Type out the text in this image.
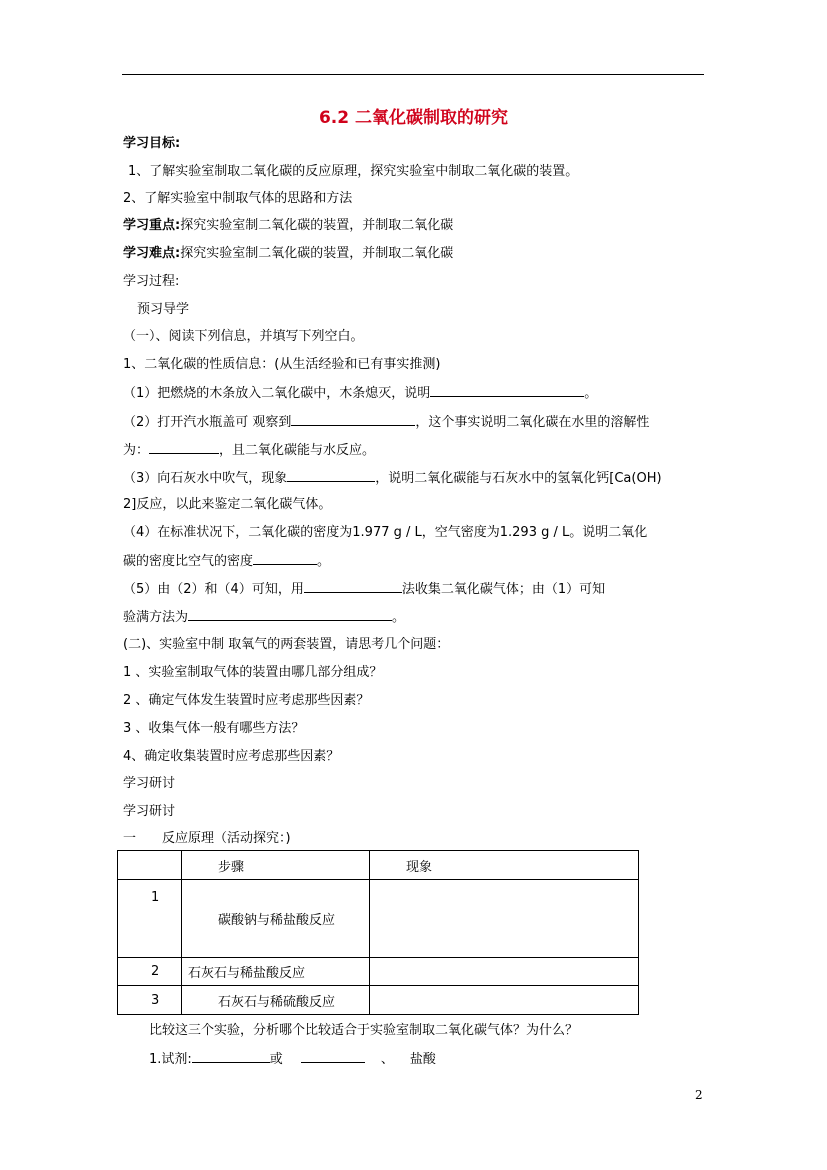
6.2 二氧化碳制取的研究
学习目标:
1、了解实验室制取二氧化碳的反应原理，探究实验室中制取二氧化碳的装置。
2、了解实验室中制取气体的思路和方法
学习重点:探究实验室制二氧化碳的装置，并制取二氧化碳
学习难点:探究实验室制二氧化碳的装置，并制取二氧化碳
学习过程:
预习导学
（一）、阅读下列信息，并填写下列空白。
1、二氧化碳的性质信息：(从生活经验和已有事实推测)
（1）把燃烧的木条放入二氧化碳中，木条熄灭，说明	。
（2）打开汽水瓶盖可 观察到	，这个事实说明二氧化碳在水里的溶解性
为：	，且二氧化碳能与水反应。
（3）向石灰水中吹气，现象	，说明二氧化碳能与石灰水中的氢氧化钙[Ca(OH)
2]反应，以此来鉴定二氧化碳气体。
（4）在标准状况下，二氧化碳的密度为1.977 g / L，空气密度为1.293 g / L。说明二氧化
碳的密度比空气的密度	。
（5）由（2）和（4）可知，用	法收集二氧化碳气体；由（1）可知
验满方法为	。
(二)、实验室中制 取氧气的两套装置，请思考几个问题：
1 、实验室制取气体的装置由哪几部分组成？
2 、确定气体发生装置时应考虑那些因素？
3 、收集气体一般有哪些方法？
4、确定收集装置时应考虑那些因素？
学习研讨
学习研讨
一 反应原理（活动探究：)
	步骤	现象
1	碳酸钠与稀盐酸反应	
2	石灰石与稀盐酸反应	
3	石灰石与稀硫酸反应	
比较这三个实验，分析哪个比较适合于实验室制取二氧化碳气体？为什么？
1.试剂:	或	、 盐酸
2
